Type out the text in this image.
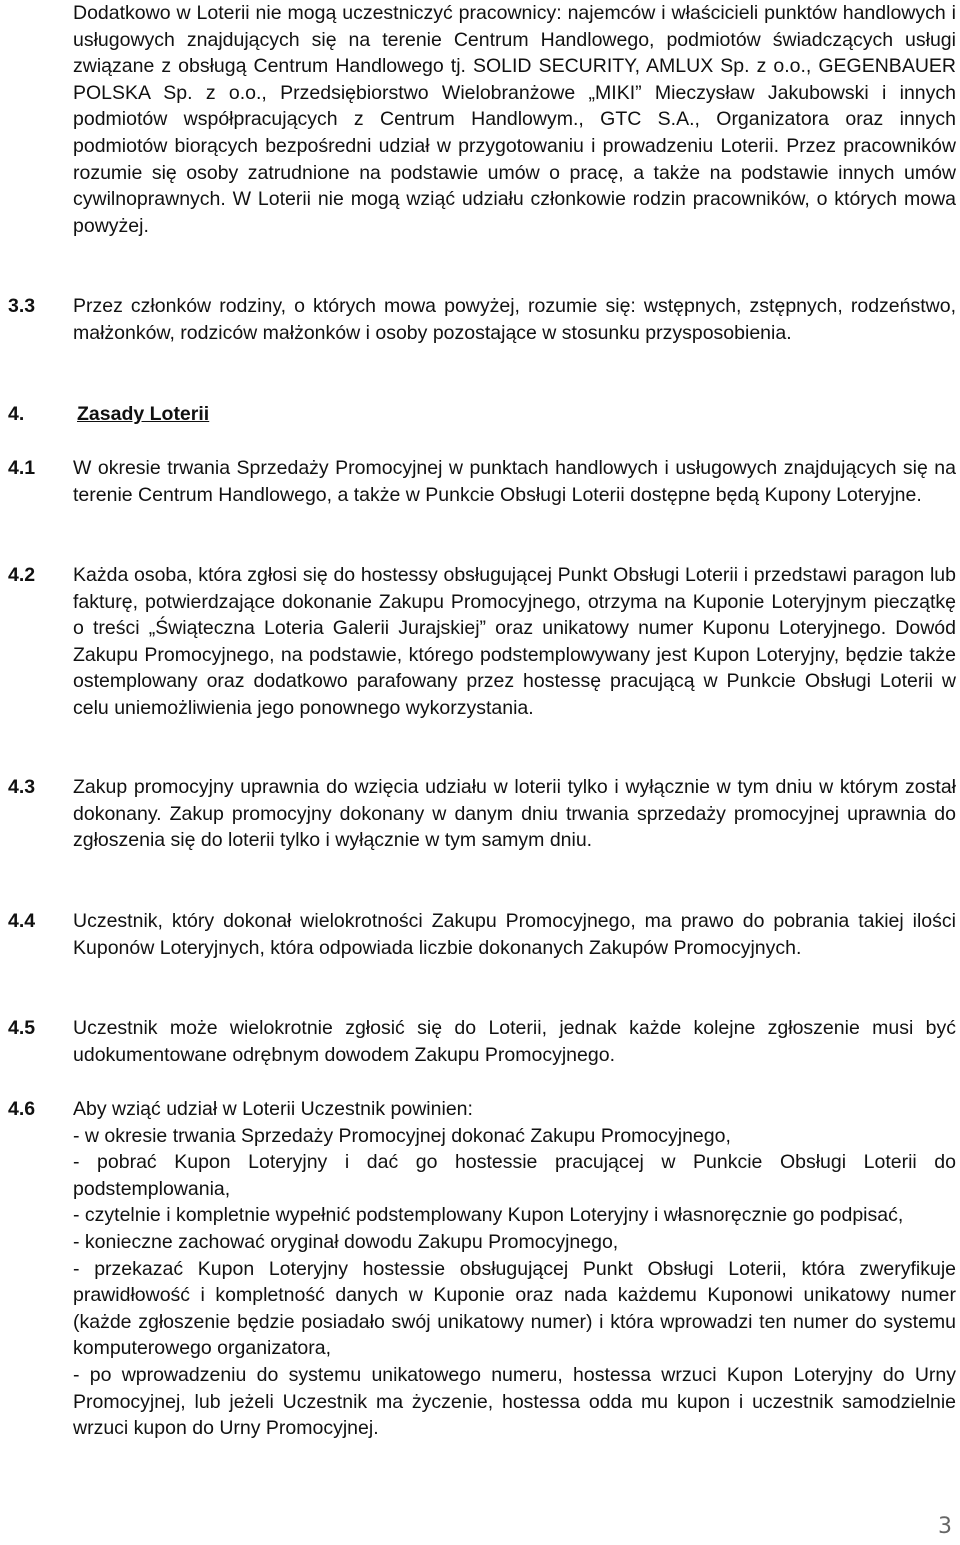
Dodatkowo w Loterii nie mogą uczestniczyć pracownicy: najemców i właścicieli punktów handlowych i usługowych znajdujących się na terenie Centrum Handlowego, podmiotów świadczących usługi związane z obsługą Centrum Handlowego tj. SOLID SECURITY, AMLUX Sp. z o.o., GEGENBAUER POLSKA Sp. z o.o., Przedsiębiorstwo Wielobranżowe „MIKI” Mieczysław Jakubowski i innych podmiotów współpracujących z Centrum Handlowym., GTC S.A., Organizatora oraz innych podmiotów biorących bezpośredni udział w przygotowaniu i prowadzeniu Loterii. Przez pracowników rozumie się osoby zatrudnione na podstawie umów o pracę, a także na podstawie innych umów cywilnoprawnych. W Loterii nie mogą wziąć udziału członkowie rodzin pracowników, o których mowa powyżej.

3.3 Przez członków rodziny, o których mowa powyżej, rozumie się: wstępnych, zstępnych, rodzeństwo, małżonków, rodziców małżonków i osoby pozostające w stosunku przysposobienia.

4.	Zasady Loterii

4.1 W okresie trwania Sprzedaży Promocyjnej w punktach handlowych i usługowych znajdujących się na terenie Centrum Handlowego, a także w Punkcie Obsługi Loterii dostępne będą Kupony Loteryjne.

4.2 Każda osoba, która zgłosi się do hostessy obsługującej Punkt Obsługi Loterii i przedstawi paragon lub fakturę, potwierdzające dokonanie Zakupu Promocyjnego, otrzyma na Kuponie Loteryjnym pieczątkę o treści „Świąteczna Loteria Galerii Jurajskiej” oraz unikatowy numer Kuponu Loteryjnego. Dowód Zakupu Promocyjnego, na podstawie, którego podstemplowywany jest Kupon Loteryjny, będzie także ostemplowany oraz dodatkowo parafowany przez hostessę pracującą w Punkcie Obsługi Loterii w celu uniemożliwienia jego ponownego wykorzystania.

4.3 Zakup promocyjny uprawnia do wzięcia udziału w loterii tylko i wyłącznie w tym dniu w którym został dokonany. Zakup promocyjny dokonany w danym dniu trwania sprzedaży promocyjnej uprawnia do zgłoszenia się do loterii tylko i wyłącznie w tym samym dniu.

4.4 Uczestnik, który dokonał wielokrotności Zakupu Promocyjnego, ma prawo do pobrania takiej ilości Kuponów Loteryjnych, która odpowiada liczbie dokonanych Zakupów Promocyjnych.

4.5 Uczestnik może wielokrotnie zgłosić się do Loterii, jednak każde kolejne zgłoszenie musi być udokumentowane odrębnym dowodem Zakupu Promocyjnego.

4.6 Aby wziąć udział w Loterii Uczestnik powinien:

- w okresie trwania Sprzedaży Promocyjnej dokonać Zakupu Promocyjnego,

- pobrać Kupon Loteryjny i dać go hostessie pracującej w Punkcie Obsługi Loterii do podstemplowania,

- czytelnie i kompletnie wypełnić podstemplowany Kupon Loteryjny i własnoręcznie go podpisać,

- konieczne zachować oryginał dowodu Zakupu Promocyjnego,

- przekazać Kupon Loteryjny hostessie obsługującej Punkt Obsługi Loterii, która zweryfikuje prawidłowość i kompletność danych w Kuponie oraz nada każdemu Kuponowi unikatowy numer (każde zgłoszenie będzie posiadało swój unikatowy numer) i która wprowadzi ten numer do systemu komputerowego organizatora,

- po wprowadzeniu do systemu unikatowego numeru, hostessa wrzuci Kupon Loteryjny do Urny Promocyjnej, lub jeżeli Uczestnik ma życzenie, hostessa odda mu kupon i uczestnik samodzielnie wrzuci kupon do Urny Promocyjnej.

3
